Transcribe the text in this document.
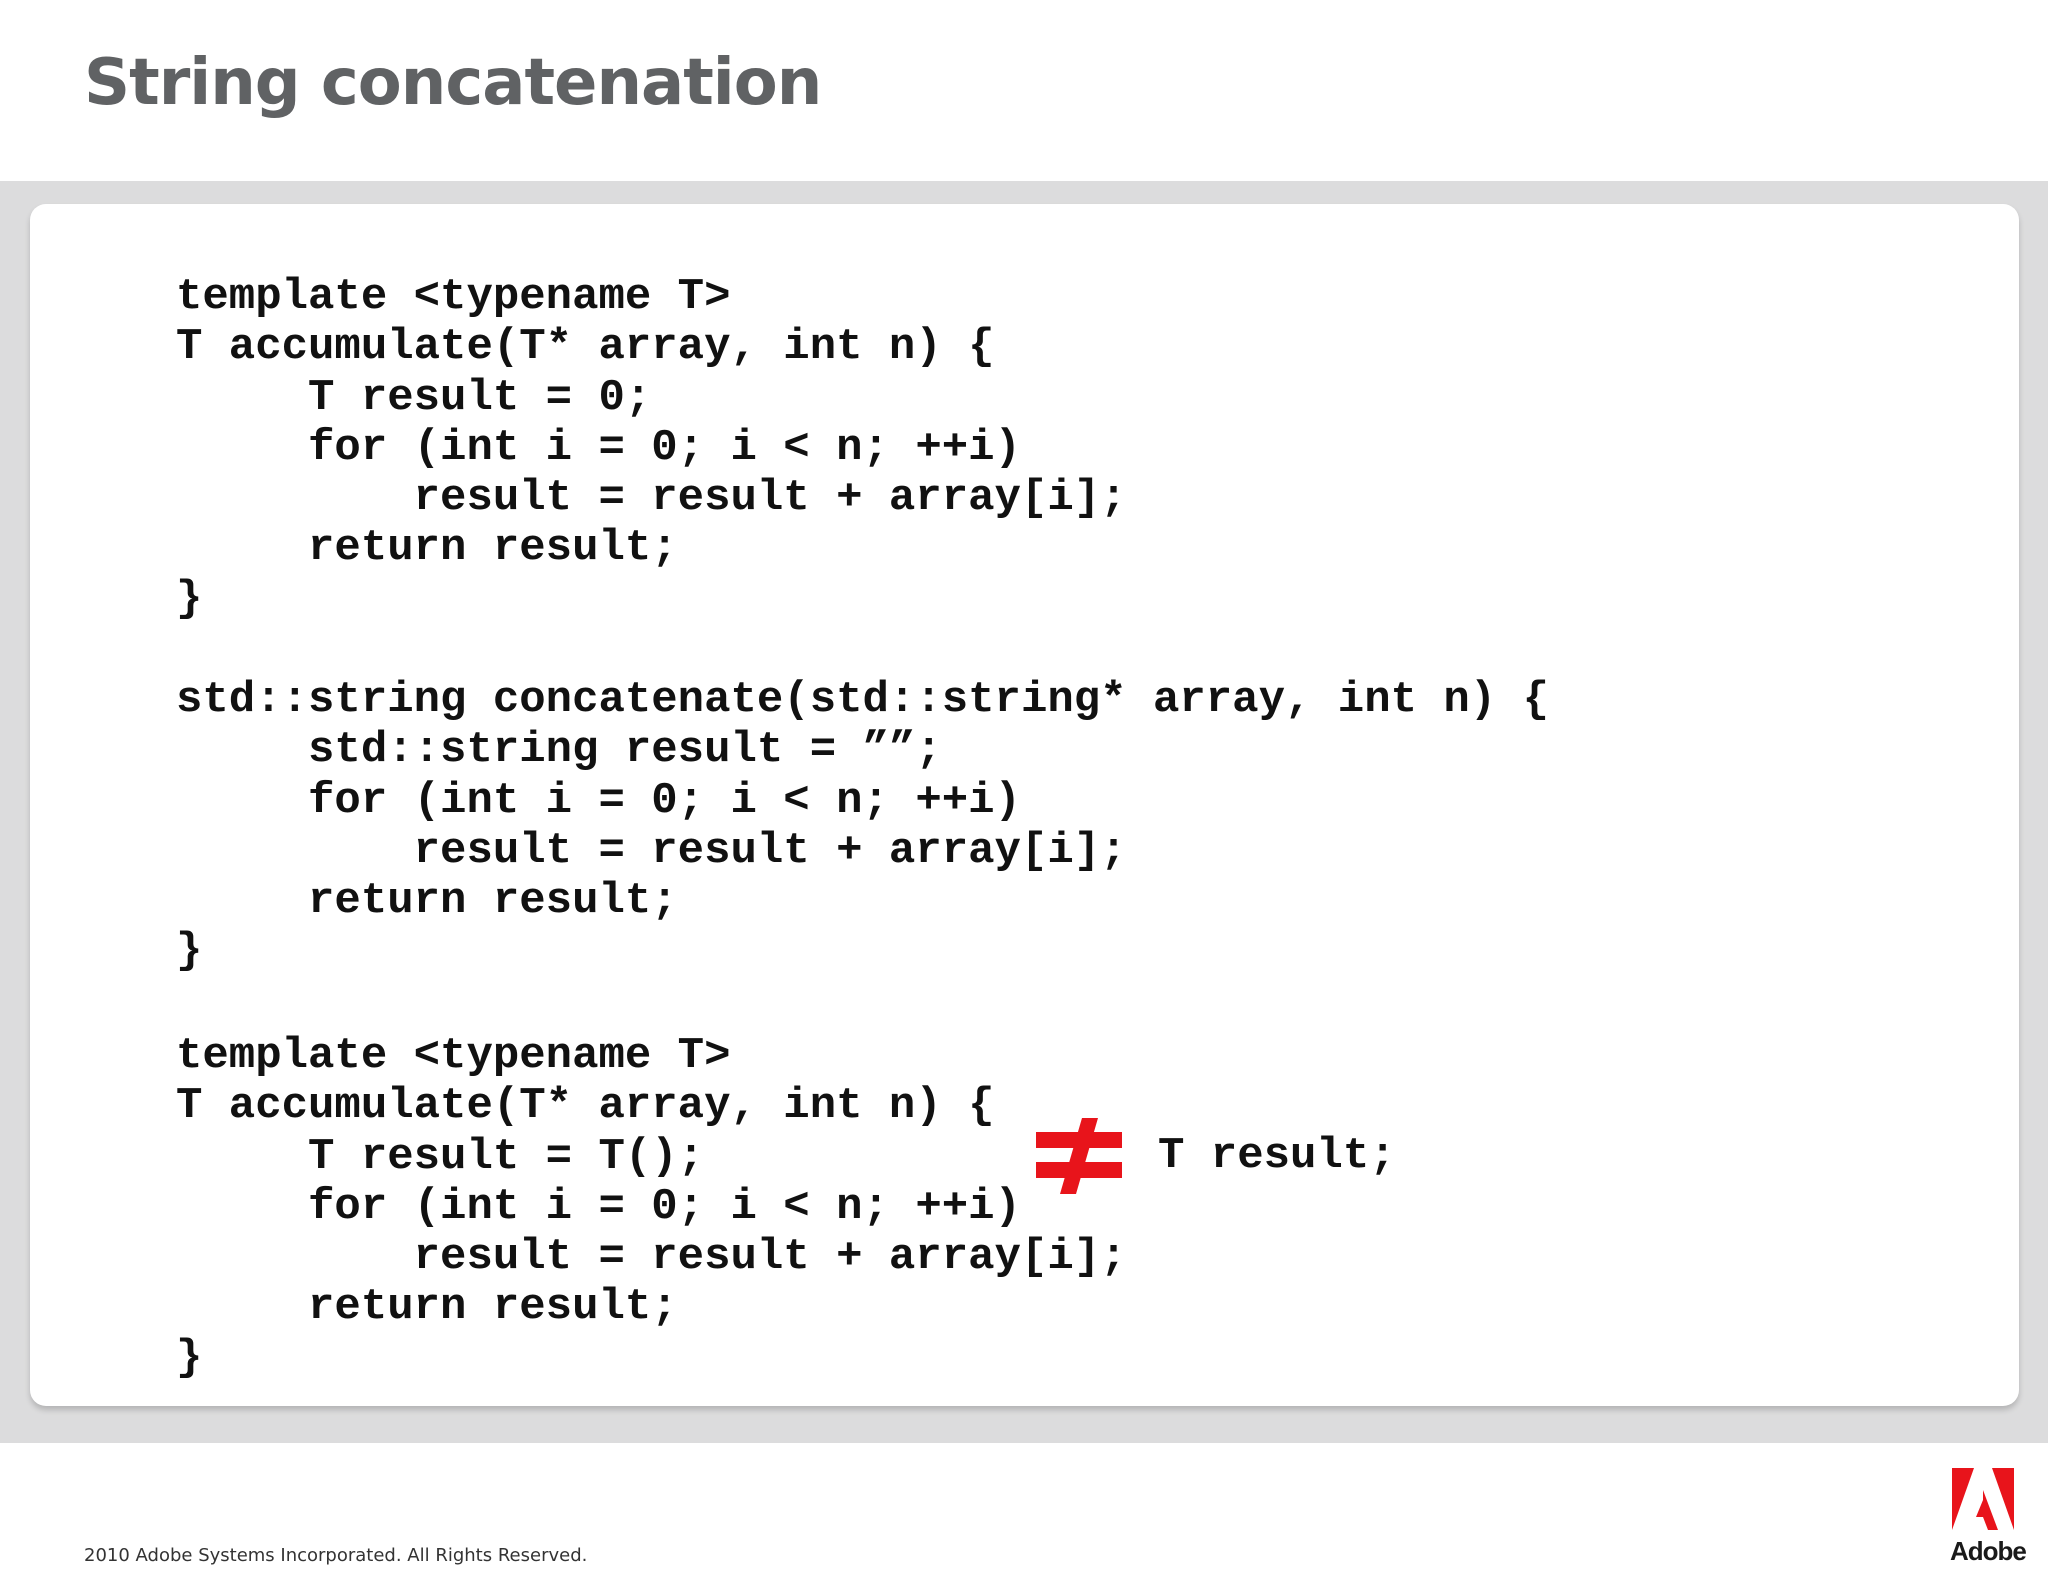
String concatenation
template <typename T>
T accumulate(T* array, int n) {
T result = 0;
for (int i = 0; i < n; ++i)
result = result + array[i];
return result;
}
std::string concatenate(std::string* array, int n) {
std::string result = ””;
for (int i = 0; i < n; ++i)
result = result + array[i];
return result;
}
template <typename T>
T accumulate(T* array, int n) {
T result = T();
for (int i = 0; i < n; ++i)
result = result + array[i];
return result;
}
T result;
2010 Adobe Systems Incorporated. All Rights Reserved.	Adobe
